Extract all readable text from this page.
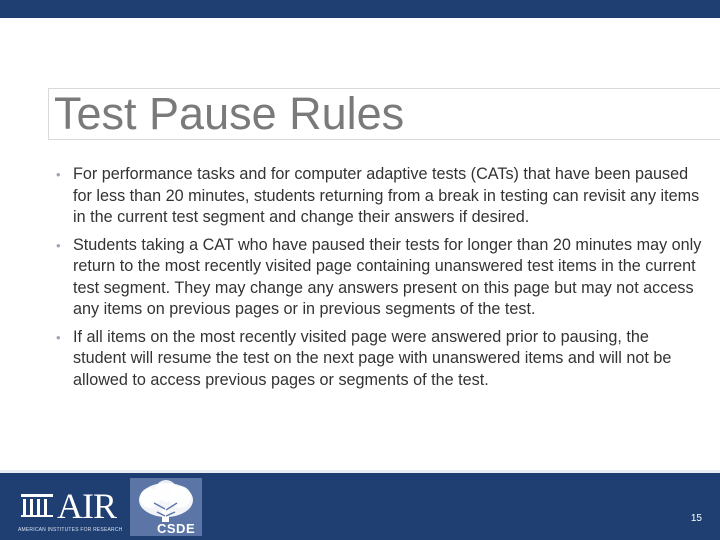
Test Pause Rules
• For performance tasks and for computer adaptive tests (CATs) that have been paused for less than 20 minutes, students returning from a break in testing can revisit any items in the current test segment and change their answers if desired.
• Students taking a CAT who have paused their tests for longer than 20 minutes may only return to the most recently visited page containing unanswered test items in the current test segment. They may change any answers present on this page but may not access any items on previous pages or in previous segments of the test.
• If all items on the most recently visited page were answered prior to pausing, the student will resume the test on the next page with unanswered items and will not be allowed to access previous pages or segments of the test.
AIR
AMERICAN INSTITUTES FOR RESEARCH	CSDE
15
